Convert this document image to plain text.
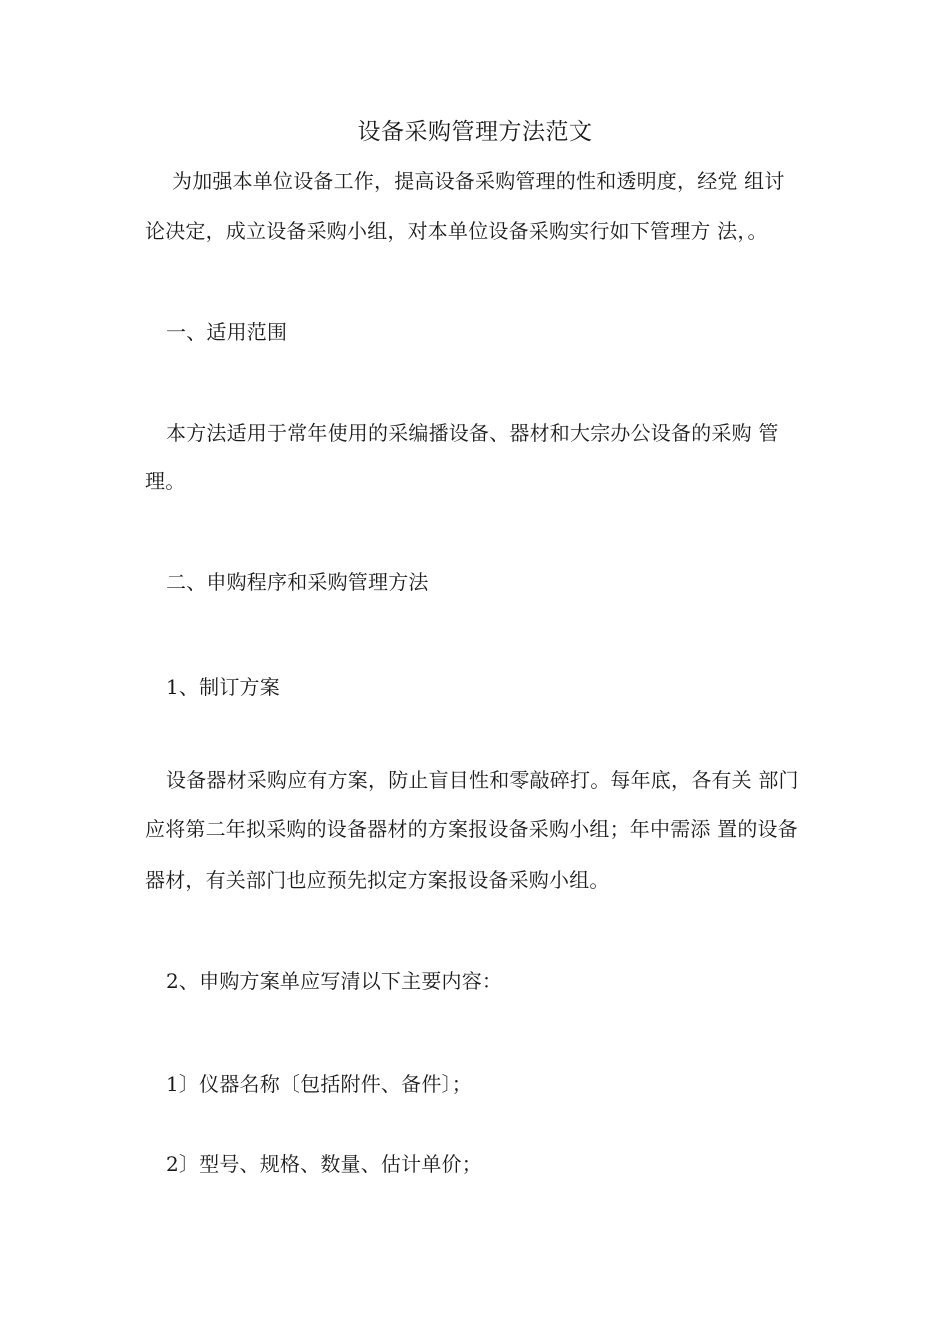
设备采购管理方法范文
为加强本单位设备工作，提高设备采购管理的性和透明度，经党 组讨
论决定，成立设备采购小组，对本单位设备采购实行如下管理方 法，。
一、适用范围
本方法适用于常年使用的采编播设备、器材和大宗办公设备的采购 管
理。
二、申购程序和采购管理方法
1、制订方案
设备器材采购应有方案，防止盲目性和零敲碎打。每年底，各有关 部门
应将第二年拟采购的设备器材的方案报设备采购小组；年中需添 置的设备
器材，有关部门也应预先拟定方案报设备采购小组。
2、申购方案单应写清以下主要内容：
1〕仪器名称〔包括附件、备件〕；
2〕型号、规格、数量、估计单价；
